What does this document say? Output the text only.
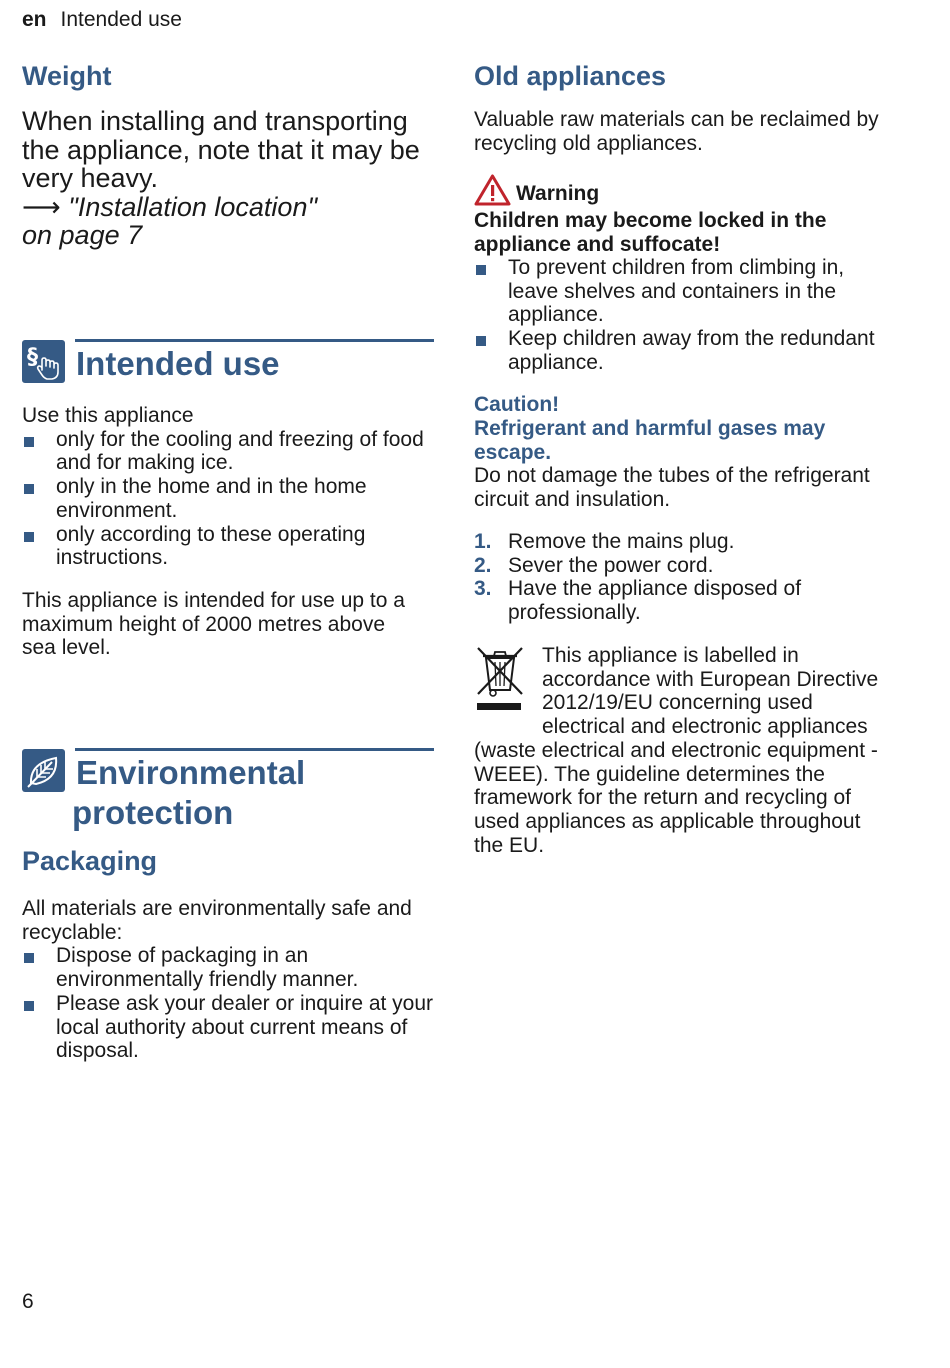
en Intended use
Weight
When installing and transporting the appliance, note that it may be very heavy.
⟶ "Installation location"
on page 7
§ Intended use
Use this appliance
only for the cooling and freezing of food and for making ice.
only in the home and in the home environment.
only according to these operating instructions.
This appliance is intended for use up to a maximum height of 2000 metres above sea level.
Environmental
protection
Packaging
All materials are environmentally safe and recyclable:
Dispose of packaging in an environmentally friendly manner.
Please ask your dealer or inquire at your local authority about current means of disposal.
Old appliances
Valuable raw materials can be reclaimed by recycling old appliances.
Warning
Children may become locked in the appliance and suffocate!
To prevent children from climbing in, leave shelves and containers in the appliance.
Keep children away from the redundant appliance.
Caution!
Refrigerant and harmful gases may escape.
Do not damage the tubes of the refrigerant circuit and insulation.
1. Remove the mains plug.
2. Sever the power cord.
3. Have the appliance disposed of professionally.
This appliance is labelled in accordance with European Directive 2012/19/EU concerning used electrical and electronic appliances (waste electrical and electronic equipment - WEEE). The guideline determines the framework for the return and recycling of used appliances as applicable throughout the EU.
6
